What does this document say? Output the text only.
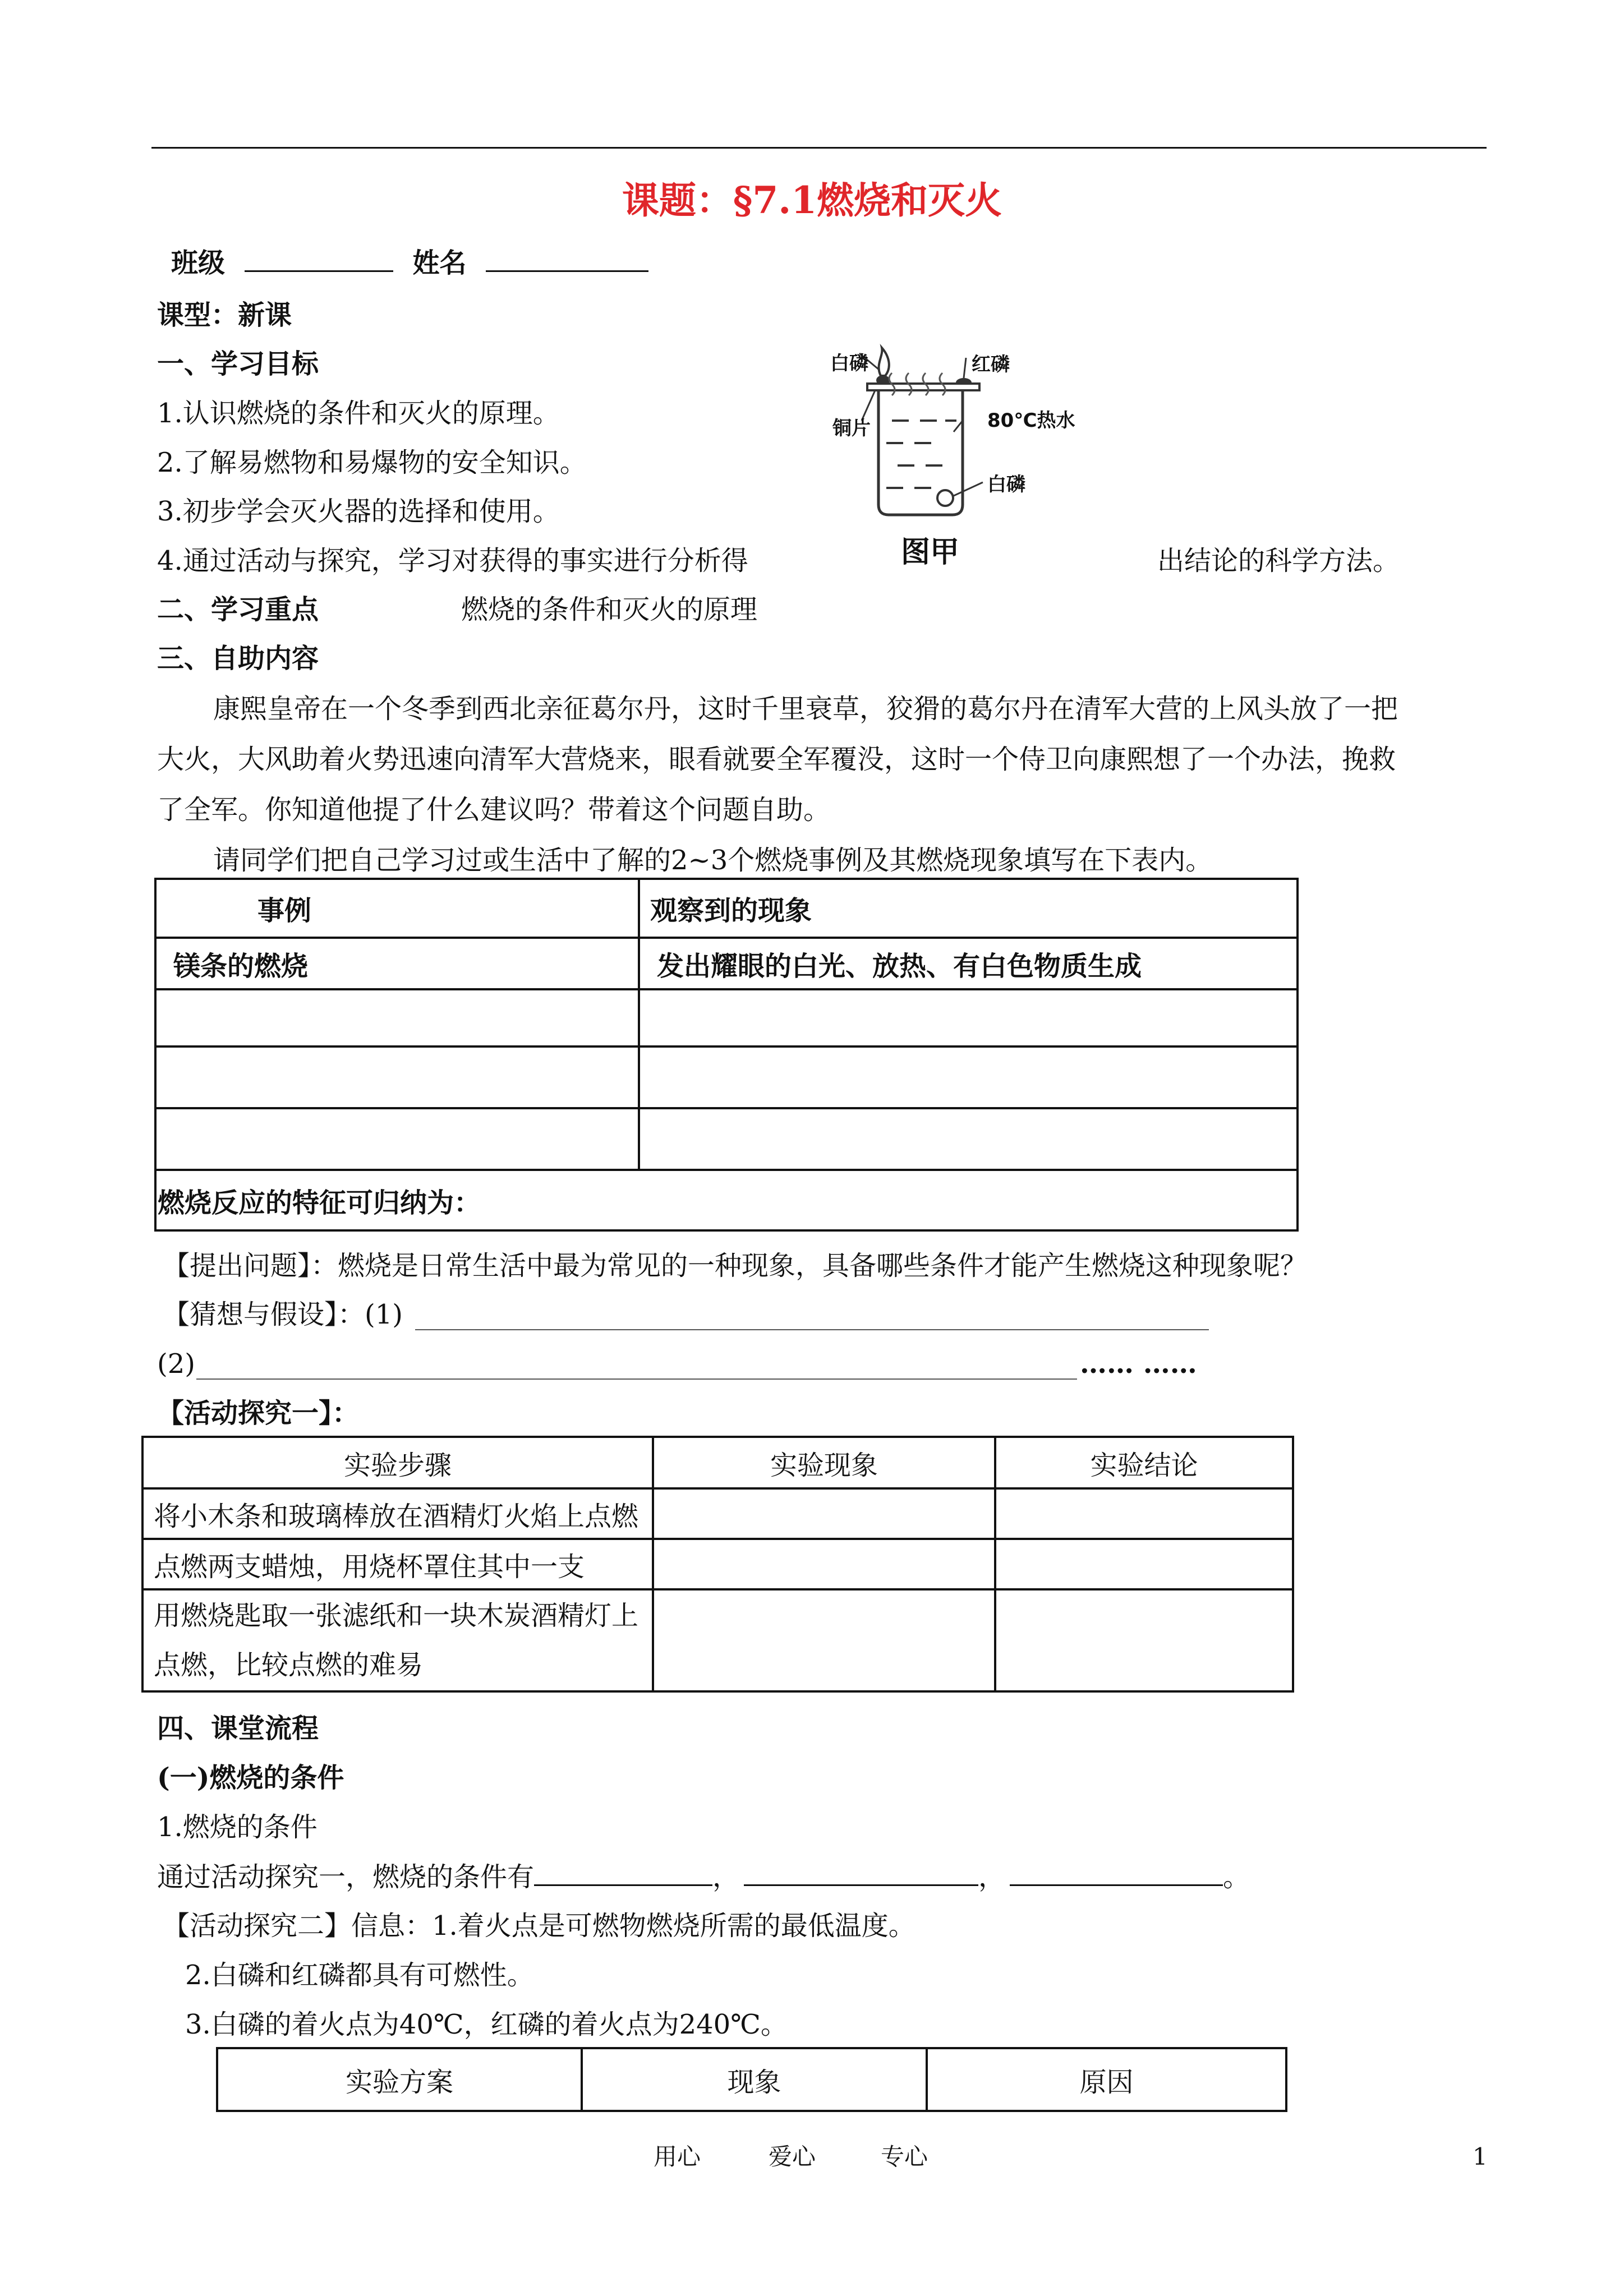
课题：§7.1燃烧和灭火
班级	姓名
课型：新课
一、学习目标
1.认识燃烧的条件和灭火的原理。
2.了解易燃物和易爆物的安全知识。
3.初步学会灭火器的选择和使用。
4.通过活动与探究，学习对获得的事实进行分析得	出结论的科学方法。
白磷	红磷
铜片	80℃热水
白磷
图甲
二、学习重点	燃烧的条件和灭火的原理
三、自助内容
康熙皇帝在一个冬季到西北亲征葛尔丹，这时千里衰草，狡猾的葛尔丹在清军大营的上风头放了一把
大火，大风助着火势迅速向清军大营烧来，眼看就要全军覆没，这时一个侍卫向康熙想了一个办法，挽救
了全军。你知道他提了什么建议吗？带着这个问题自助。
请同学们把自己学习过或生活中了解的2~3个燃烧事例及其燃烧现象填写在下表内。
事例	观察到的现象
镁条的燃烧	发出耀眼的白光、放热、有白色物质生成

燃烧反应的特征可归纳为：	
【提出问题】：燃烧是日常生活中最为常见的一种现象，具备哪些条件才能产生燃烧这种现象呢？
【猜想与假设】：(1)
(2)	…… ……
【活动探究一】：
实验步骤	实验现象	实验结论
将小木条和玻璃棒放在酒精灯火焰上点燃		
点燃两支蜡烛，用烧杯罩住其中一支		

用燃烧匙取一张滤纸和一块木炭酒精灯上
点燃，比较点燃的难易		

四、课堂流程
(一)燃烧的条件
1.燃烧的条件
通过活动探究一，燃烧的条件有	，	，	。
【活动探究二】信息：1.着火点是可燃物燃烧所需的最低温度。
2.白磷和红磷都具有可燃性。
3.白磷的着火点为40℃，红磷的着火点为240℃。
实验方案	现象	原因
用心	爱心	专心	1
